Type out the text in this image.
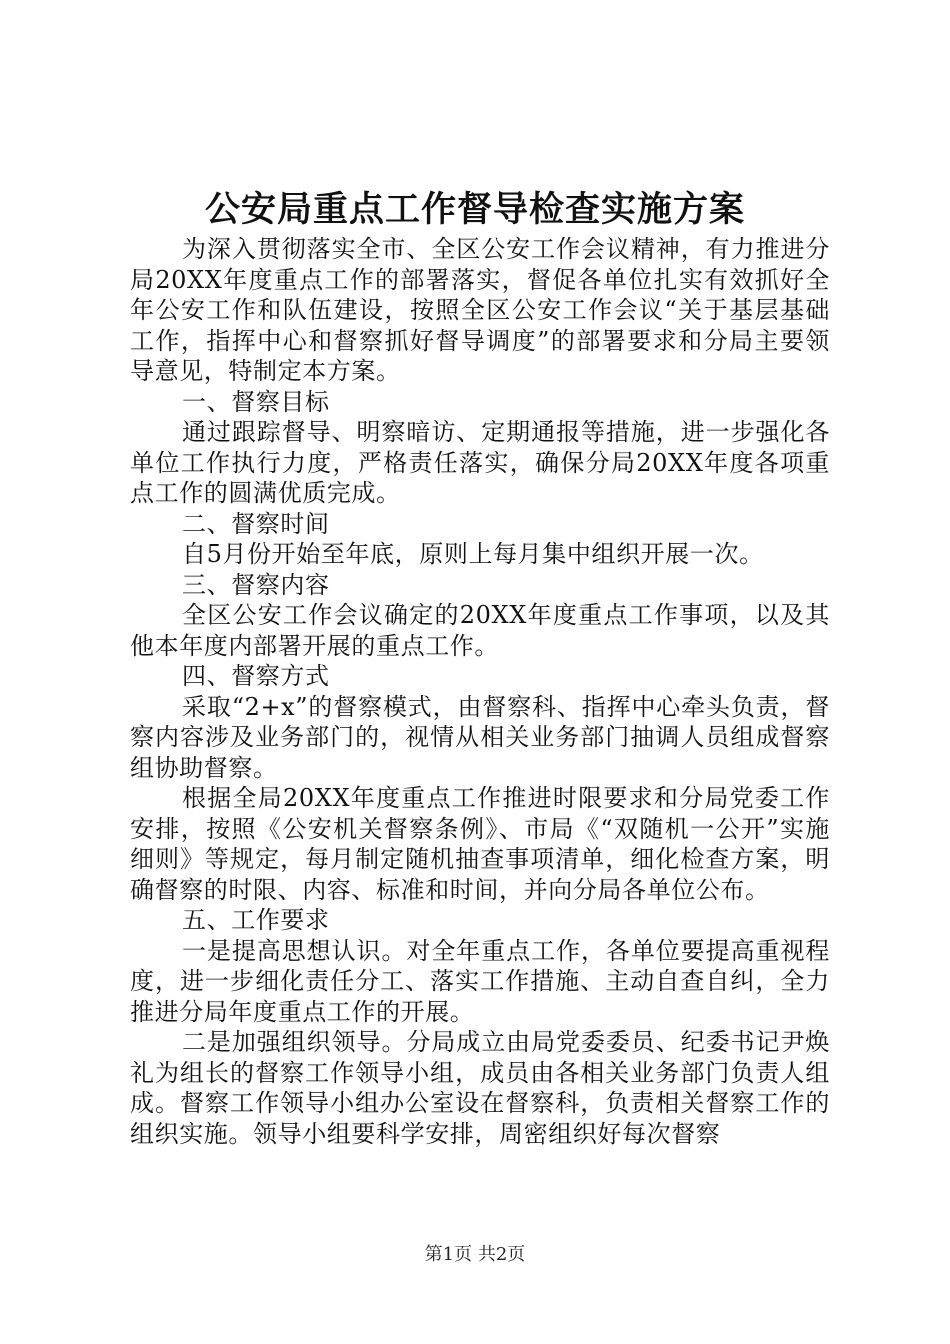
公安局重点工作督导检查实施方案

为深入贯彻落实全市、全区公安工作会议精神，有力推进分局20XX年度重点工作的部署落实，督促各单位扎实有效抓好全年公安工作和队伍建设，按照全区公安工作会议“关于基层基础工作，指挥中心和督察抓好督导调度”的部署要求和分局主要领导意见，特制定本方案。

一、督察目标

通过跟踪督导、明察暗访、定期通报等措施，进一步强化各单位工作执行力度，严格责任落实，确保分局20XX年度各项重点工作的圆满优质完成。

二、督察时间

自5月份开始至年底，原则上每月集中组织开展一次。

三、督察内容

全区公安工作会议确定的20XX年度重点工作事项，以及其他本年度内部署开展的重点工作。

四、督察方式

采取“2+x”的督察模式，由督察科、指挥中心牵头负责，督察内容涉及业务部门的，视情从相关业务部门抽调人员组成督察组协助督察。

根据全局20XX年度重点工作推进时限要求和分局党委工作安排，按照《公安机关督察条例》、市局《“双随机一公开”实施细则》等规定，每月制定随机抽查事项清单，细化检查方案，明确督察的时限、内容、标准和时间，并向分局各单位公布。

五、工作要求

一是提高思想认识。对全年重点工作，各单位要提高重视程度，进一步细化责任分工、落实工作措施、主动自查自纠，全力推进分局年度重点工作的开展。

二是加强组织领导。分局成立由局党委委员、纪委书记尹焕礼为组长的督察工作领导小组，成员由各相关业务部门负责人组成。督察工作领导小组办公室设在督察科，负责相关督察工作的组织实施。领导小组要科学安排，周密组织好每次督察

第1页 共2页
